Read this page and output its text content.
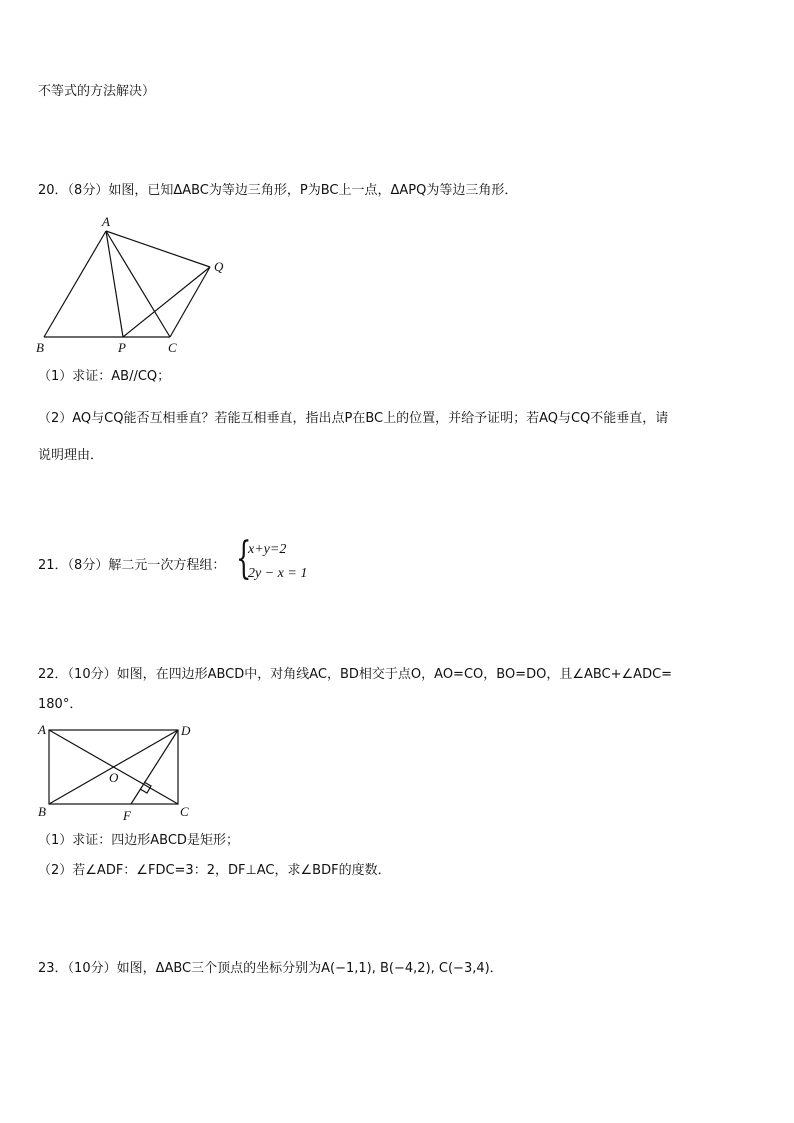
不等式的方法解决）
20．（8分）如图，已知ΔABC为等边三角形，P为BC上一点，ΔAPQ为等边三角形．
A
B	P	C
Q
（1）求证：AB//CQ；
（2）AQ与CQ能否互相垂直？若能互相垂直，指出点P在BC上的位置，并给予证明；若AQ与CQ不能垂直，请
说明理由．
21．（8分）解二元一次方程组： {
x+y=2
2y − x = 1
22．（10分）如图，在四边形ABCD中，对角线AC，BD相交于点O，AO=CO，BO=DO，且∠ABC+∠ADC=
180°．
A	D
O
B	F	C
（1）求证：四边形ABCD是矩形；
（2）若∠ADF：∠FDC=3：2，DF⊥AC，求∠BDF的度数．
23．（10分）如图，ΔABC三个顶点的坐标分别为A(−1,1), B(−4,2), C(−3,4)．
